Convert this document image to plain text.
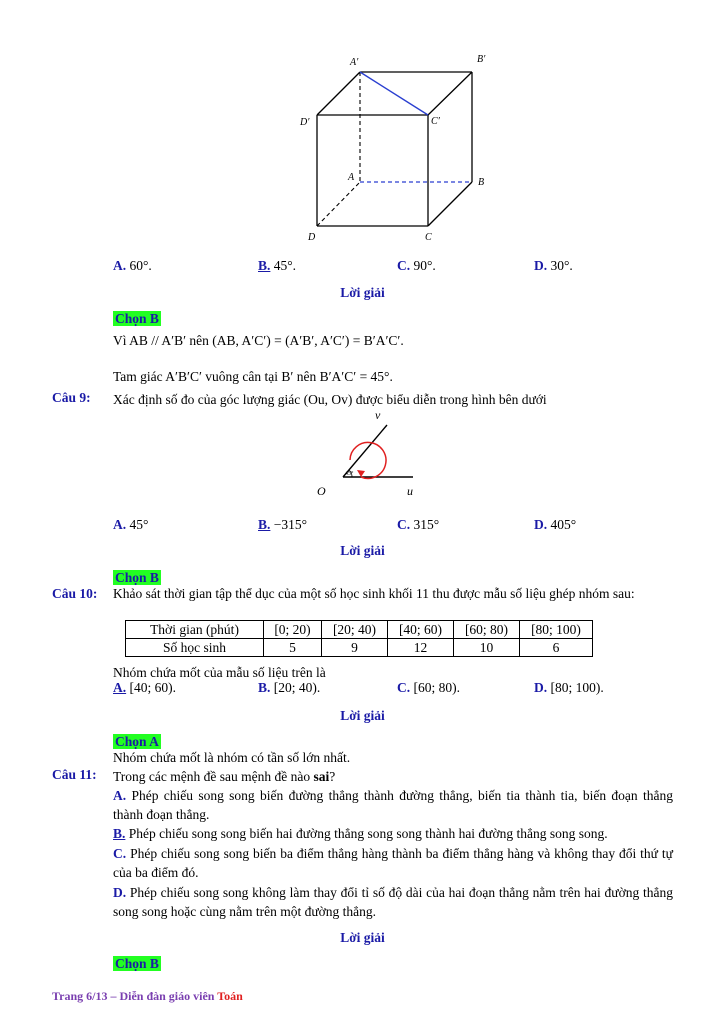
A′	B′
C′
D′
A	B
C
D
A. 60°.	B. 45°.	C. 90°.	D. 30°.
Lời giải
Chọn B
Vì AB // A′B′ nên (AB, A′C′) = (A′B′, A′C′) = B′A′C′.
Tam giác A′B′C′ vuông cân tại B′ nên B′A′C′ = 45°.
Câu 9: Xác định số đo của góc lượng giác (Ou, Ov) được biểu diễn trong hình bên dưới
v
O	u
45°
A. 45°	B. −315°	C. 315°	D. 405°
Lời giải
Chọn B
Câu 10: Khảo sát thời gian tập thể dục của một số học sinh khối 11 thu được mẫu số liệu ghép nhóm sau:
Thời gian (phút)	[0; 20)	[20; 40)	[40; 60)	[60; 80)	[80; 100)
Số học sinh	5	9	12	10	6
Nhóm chứa mốt của mẫu số liệu trên là
A. [40; 60).	B. [20; 40).	C. [60; 80).	D. [80; 100).
Lời giải
Chọn A
Nhóm chứa mốt là nhóm có tần số lớn nhất.
Câu 11: Trong các mệnh đề sau mệnh đề nào sai?
A. Phép chiếu song song biến đường thẳng thành đường thẳng, biến tia thành tia, biến đoạn thẳng thành đoạn thẳng.
B. Phép chiếu song song biến hai đường thẳng song song thành hai đường thẳng song song.
C. Phép chiếu song song biến ba điểm thẳng hàng thành ba điểm thẳng hàng và không thay đổi thứ tự của ba điểm đó.
D. Phép chiếu song song không làm thay đổi tỉ số độ dài của hai đoạn thẳng nằm trên hai đường thẳng song song hoặc cùng nằm trên một đường thẳng.
Lời giải
Chọn B
Trang 6/13 – Diễn đàn giáo viên Toán
